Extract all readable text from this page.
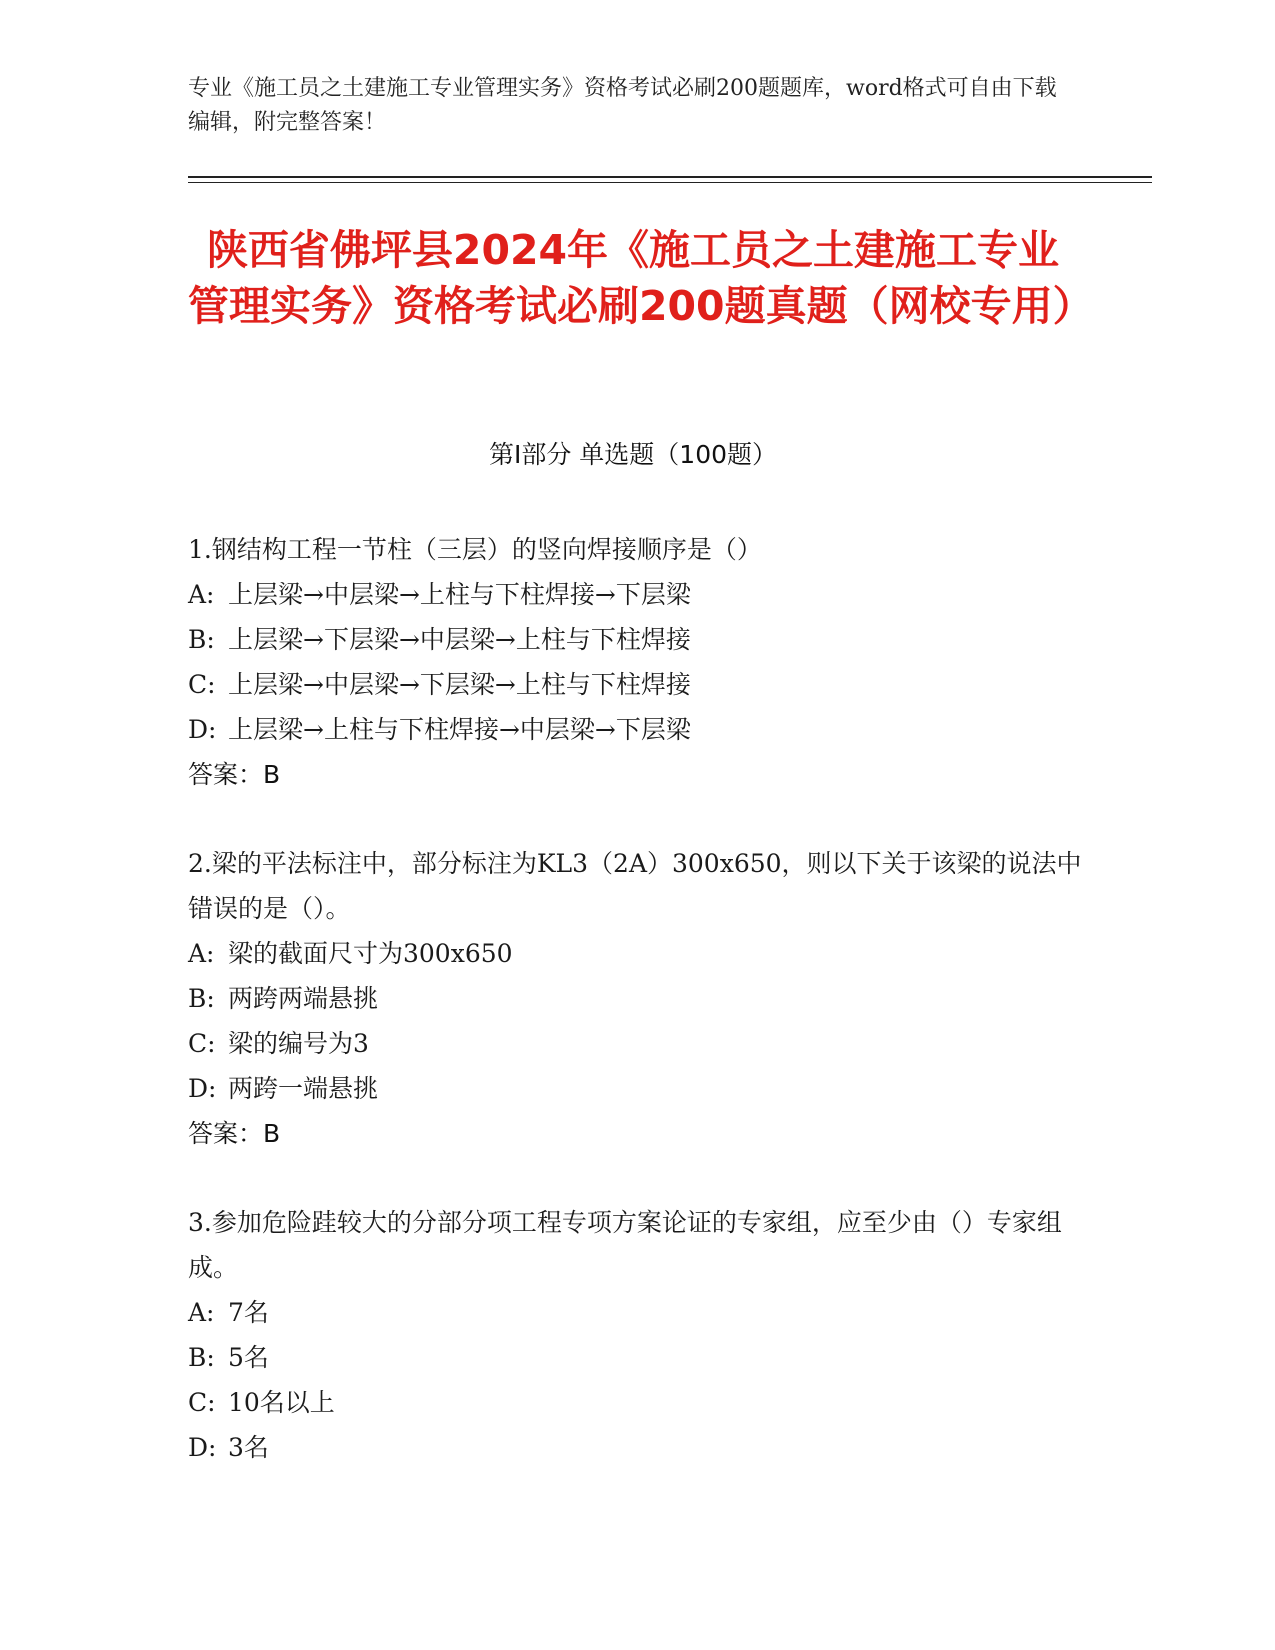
专业《施工员之土建施工专业管理实务》资格考试必刷200题题库，word格式可自由下载编辑，附完整答案！
陕西省佛坪县2024年《施工员之土建施工专业管理实务》资格考试必刷200题真题（网校专用）
第I部分 单选题（100题）
1.钢结构工程一节柱（三层）的竖向焊接顺序是（）
A: 上层梁→中层梁→上柱与下柱焊接→下层梁
B: 上层梁→下层梁→中层梁→上柱与下柱焊接
C: 上层梁→中层梁→下层梁→上柱与下柱焊接
D: 上层梁→上柱与下柱焊接→中层梁→下层梁
答案：B
2.梁的平法标注中，部分标注为KL3（2A）300x650，则以下关于该梁的说法中错误的是（）。
A: 梁的截面尺寸为300x650
B: 两跨两端悬挑
C: 梁的编号为3
D: 两跨一端悬挑
答案：B
3.参加危险跬较大的分部分项工程专项方案论证的专家组，应至少由（）专家组成。
A: 7名
B: 5名
C: 10名以上
D: 3名
